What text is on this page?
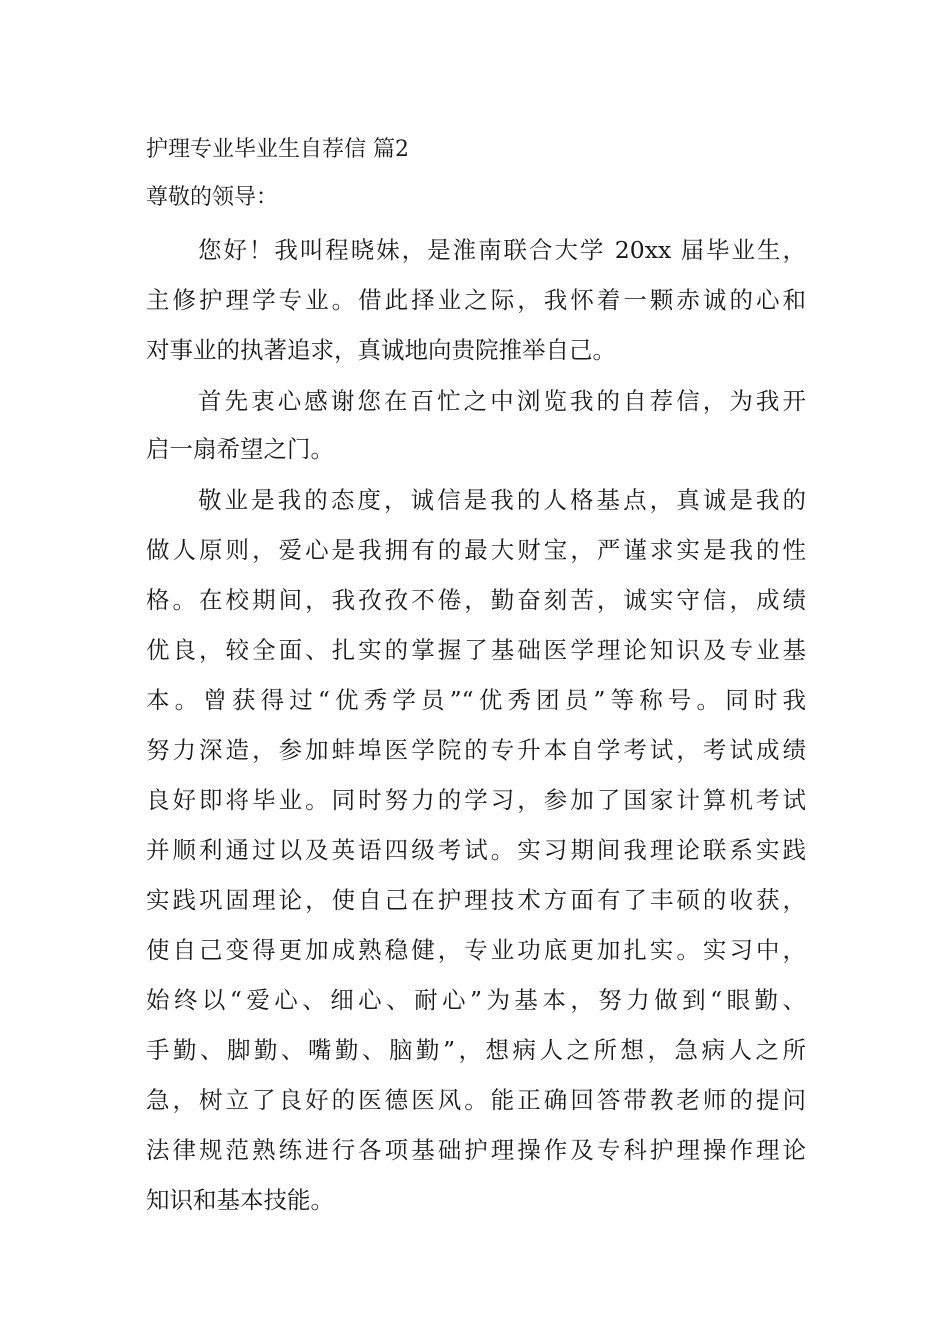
护理专业毕业生自荐信 篇2
尊敬的领导：
您好！我叫程晓妹，是淮南联合大学 20xx 届毕业生，
主修护理学专业。借此择业之际，我怀着一颗赤诚的心和
对事业的执著追求，真诚地向贵院推举自己。
首先衷心感谢您在百忙之中浏览我的自荐信，为我开
启一扇希望之门。
敬业是我的态度，诚信是我的人格基点，真诚是我的
做人原则，爱心是我拥有的最大财宝，严谨求实是我的性
格。在校期间，我孜孜不倦，勤奋刻苦，诚实守信，成绩
优良，较全面、扎实的掌握了基础医学理论知识及专业基
本。曾获得过“优秀学员”“优秀团员”等称号。同时我
努力深造，参加蚌埠医学院的专升本自学考试，考试成绩
良好即将毕业。同时努力的学习，参加了国家计算机考试
并顺利通过以及英语四级考试。实习期间我理论联系实践
实践巩固理论，使自己在护理技术方面有了丰硕的收获，
使自己变得更加成熟稳健，专业功底更加扎实。实习中，
始终以“爱心、细心、耐心”为基本，努力做到“眼勤、
手勤、脚勤、嘴勤、脑勤”，想病人之所想，急病人之所
急，树立了良好的医德医风。能正确回答带教老师的提问
法律规范熟练进行各项基础护理操作及专科护理操作理论
知识和基本技能。
